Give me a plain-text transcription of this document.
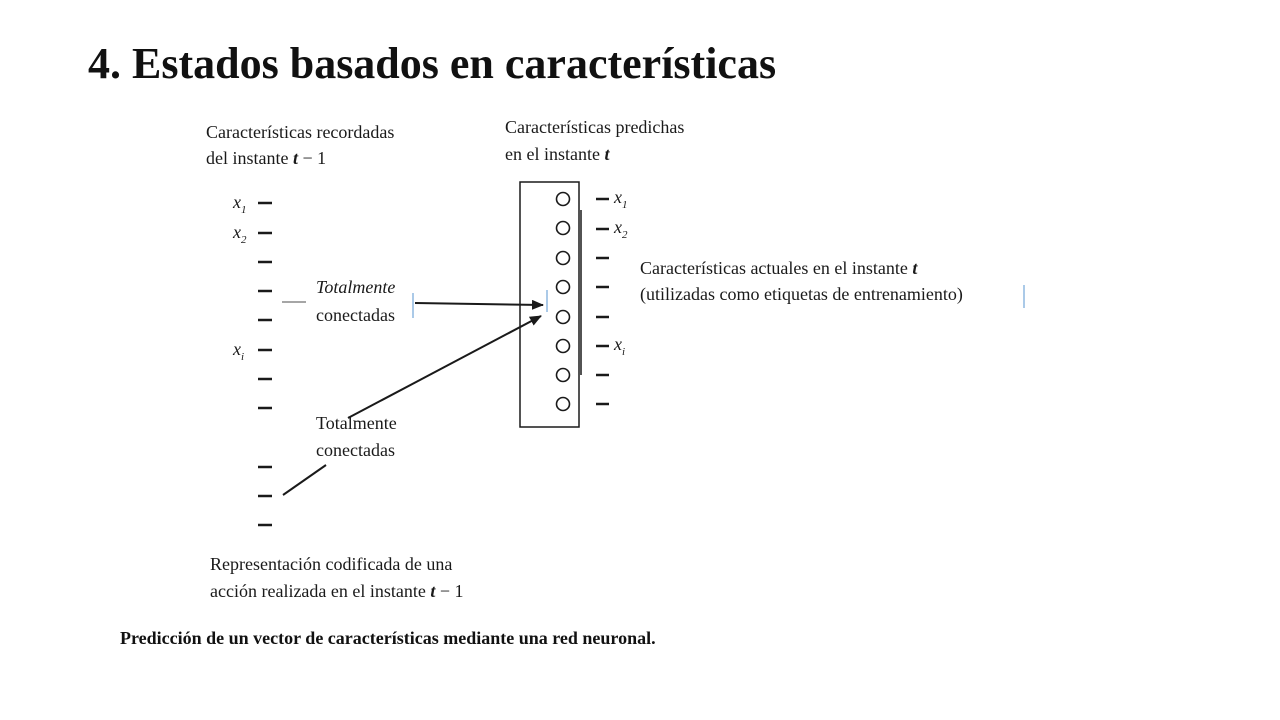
4. Estados basados en características
Características recordadas
del instante t − 1
Características predichas
en el instante t
$x_1$
$x_2$
$x_i$
Totalmente
conectadas
Totalmente
conectadas
$x_1$
$x_2$
$x_i$
Características actuales en el instante t
(utilizadas como etiquetas de entrenamiento)
Representación codificada de una
acción realizada en el instante t − 1
Predicción de un vector de características mediante una red neuronal.
